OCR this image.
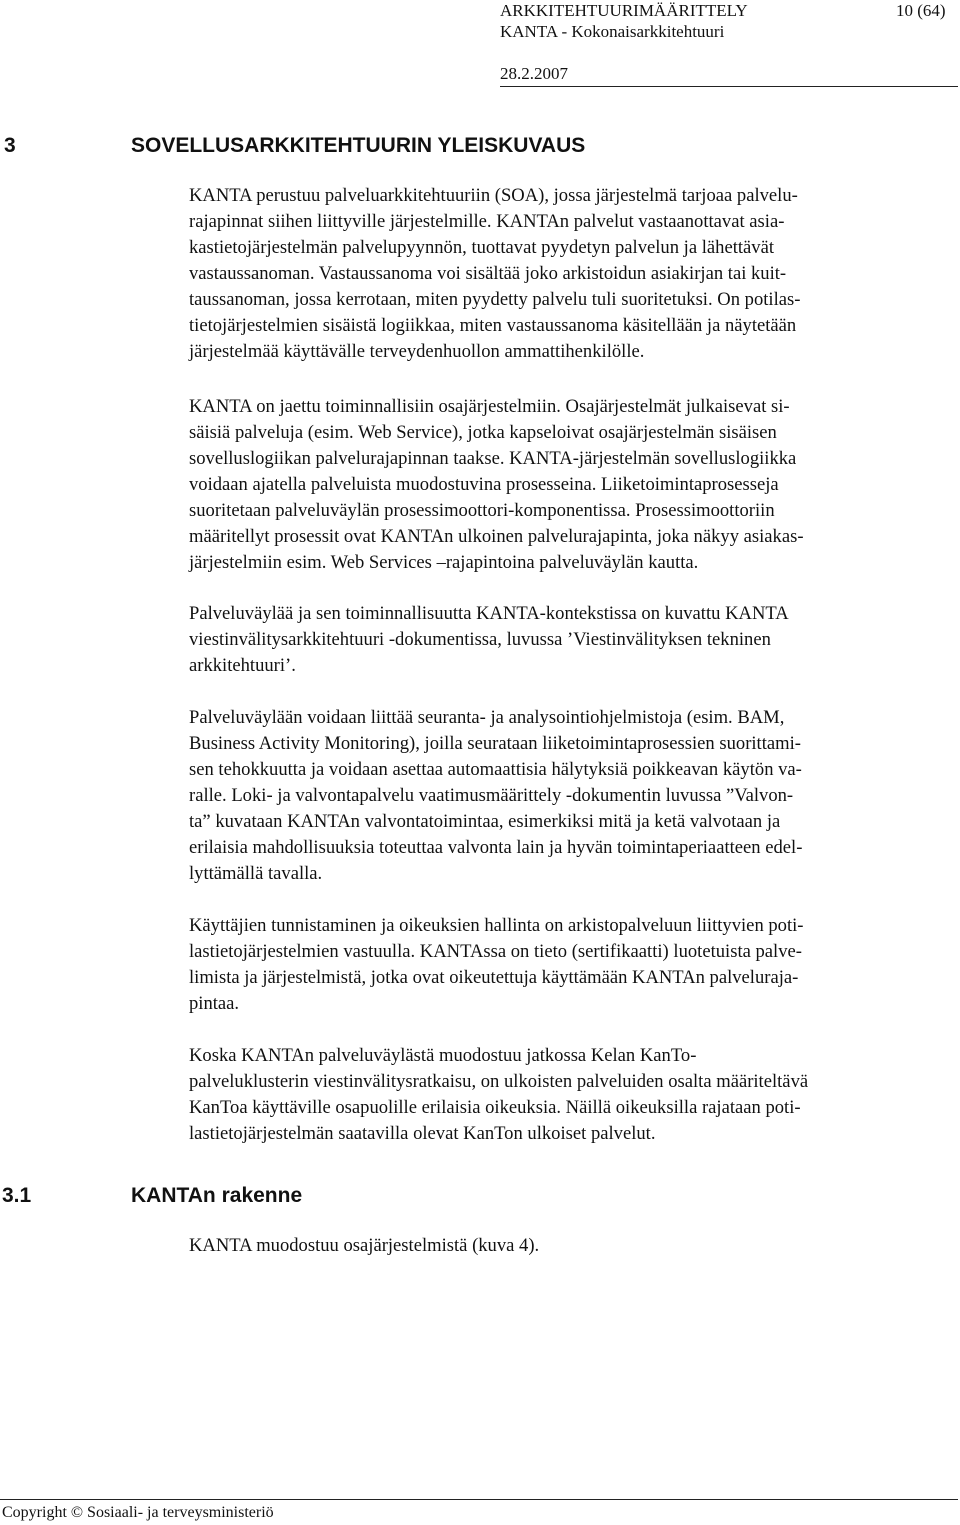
ARKKITEHTUURIMÄÄRITTELY	10 (64)
KANTA - Kokonaisarkkitehtuuri
28.2.2007
3	SOVELLUSARKKITEHTUURIN YLEISKUVAUS
KANTA perustuu palveluarkkitehtuuriin (SOA), jossa järjestelmä tarjoaa palvelu-
rajapinnat siihen liittyville järjestelmille. KANTAn palvelut vastaanottavat asia-
kastietojärjestelmän palvelupyynnön, tuottavat pyydetyn palvelun ja lähettävät
vastaussanoman. Vastaussanoma voi sisältää joko arkistoidun asiakirjan tai kuit-
taussanoman, jossa kerrotaan, miten pyydetty palvelu tuli suoritetuksi. On potilas-
tietojärjestelmien sisäistä logiikkaa, miten vastaussanoma käsitellään ja näytetään
järjestelmää käyttävälle terveydenhuollon ammattihenkilölle.
KANTA on jaettu toiminnallisiin osajärjestelmiin. Osajärjestelmät julkaisevat si-
säisiä palveluja (esim. Web Service), jotka kapseloivat osajärjestelmän sisäisen
sovelluslogiikan palvelurajapinnan taakse. KANTA-järjestelmän sovelluslogiikka
voidaan ajatella palveluista muodostuvina prosesseina. Liiketoimintaprosesseja
suoritetaan palveluväylän prosessimoottori-komponentissa. Prosessimoottoriin
määritellyt prosessit ovat KANTAn ulkoinen palvelurajapinta, joka näkyy asiakas-
järjestelmiin esim. Web Services –rajapintoina palveluväylän kautta.
Palveluväylää ja sen toiminnallisuutta KANTA-kontekstissa on kuvattu KANTA
viestinvälitysarkkitehtuuri -dokumentissa, luvussa ’Viestinvälityksen tekninen
arkkitehtuuri’.
Palveluväylään voidaan liittää seuranta- ja analysointiohjelmistoja (esim. BAM,
Business Activity Monitoring), joilla seurataan liiketoimintaprosessien suorittami-
sen tehokkuutta ja voidaan asettaa automaattisia hälytyksiä poikkeavan käytön va-
ralle. Loki- ja valvontapalvelu vaatimusmäärittely -dokumentin luvussa ”Valvon-
ta” kuvataan KANTAn valvontatoimintaa, esimerkiksi mitä ja ketä valvotaan ja
erilaisia mahdollisuuksia toteuttaa valvonta lain ja hyvän toimintaperiaatteen edel-
lyttämällä tavalla.
Käyttäjien tunnistaminen ja oikeuksien hallinta on arkistopalveluun liittyvien poti-
lastietojärjestelmien vastuulla. KANTAssa on tieto (sertifikaatti) luotetuista palve-
limista ja järjestelmistä, jotka ovat oikeutettuja käyttämään KANTAn palveluraja-
pintaa.
Koska KANTAn palveluväylästä muodostuu jatkossa Kelan KanTo-
palveluklusterin viestinvälitysratkaisu, on ulkoisten palveluiden osalta määriteltävä
KanToa käyttäville osapuolille erilaisia oikeuksia. Näillä oikeuksilla rajataan poti-
lastietojärjestelmän saatavilla olevat KanTon ulkoiset palvelut.
3.1	KANTAn rakenne
KANTA muodostuu osajärjestelmistä (kuva 4).
Copyright © Sosiaali- ja terveysministeriö
